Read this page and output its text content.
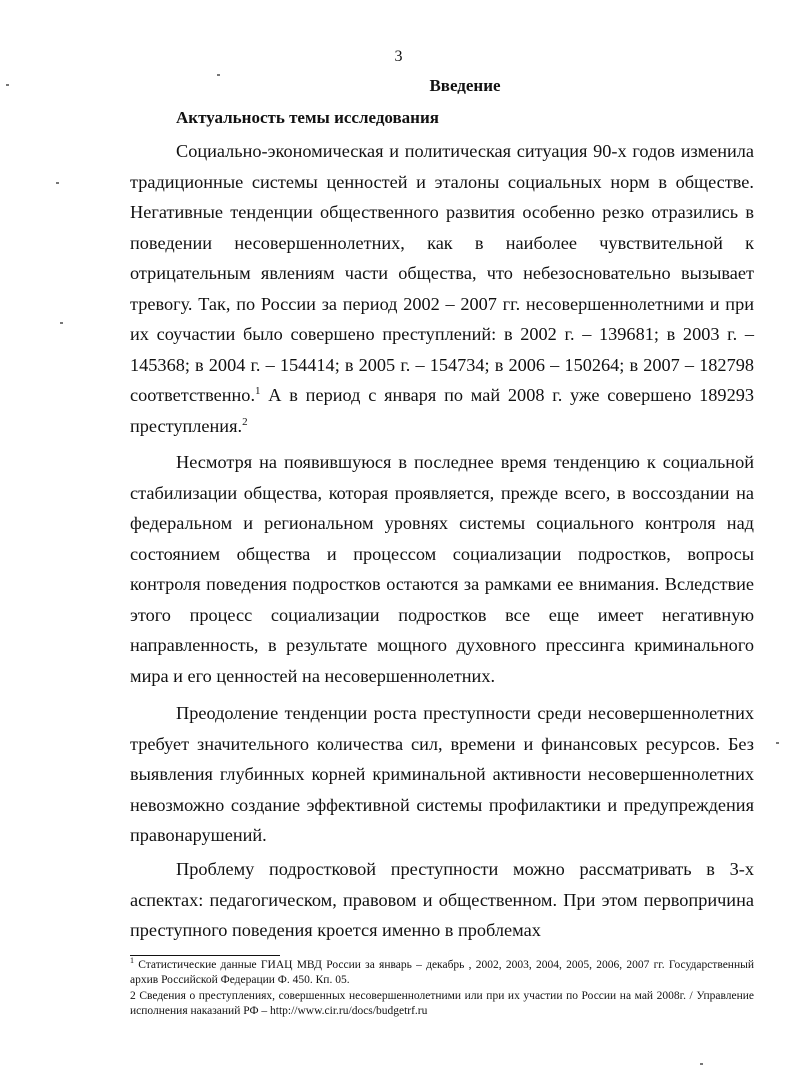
3
Введение
Актуальность темы исследования

Социально-экономическая и политическая ситуация 90-х годов изменила традиционные системы ценностей и эталоны социальных норм в обществе. Негативные тенденции общественного развития особенно резко отразились в поведении несовершеннолетних, как в наиболее чувствительной к отрицательным явлениям части общества, что небезосновательно вызывает тревогу. Так, по России за период 2002 – 2007 гг. несовершеннолетними и при их соучастии было совершено преступлений: в 2002 г. – 139681; в 2003 г. – 145368; в 2004 г. – 154414; в 2005 г. – 154734; в 2006 – 150264; в 2007 – 182798 соответственно.$^1$ А в период с января по май 2008 г. уже совершено 189293 преступления.$^2$

Несмотря на появившуюся в последнее время тенденцию к социальной стабилизации общества, которая проявляется, прежде всего, в воссоздании на федеральном и региональном уровнях системы социального контроля над состоянием общества и процессом социализации подростков, вопросы контроля поведения подростков остаются за рамками ее внимания. Вследствие этого процесс социализации подростков все еще имеет негативную направленность, в результате мощного духовного прессинга криминального мира и его ценностей на несовершеннолетних.

Преодоление тенденции роста преступности среди несовершеннолетних требует значительного количества сил, времени и финансовых ресурсов. Без выявления глубинных корней криминальной активности несовершеннолетних невозможно создание эффективной системы профилактики и предупреждения правонарушений.

Проблему подростковой преступности можно рассматривать в 3-х аспектах: педагогическом, правовом и общественном. При этом первопричина преступного поведения кроется именно в проблемах

$^1$ Статистические данные ГИАЦ МВД России за январь – декабрь , 2002, 2003, 2004, 2005, 2006, 2007 гг. Государственный архив Российской Федерации Ф. 450. Кп. 05.

2 Сведения о преступлениях, совершенных несовершеннолетними или при их участии по России на май 2008г. / Управление исполнения наказаний РФ – http://www.cir.ru/docs/budgetrf.ru
